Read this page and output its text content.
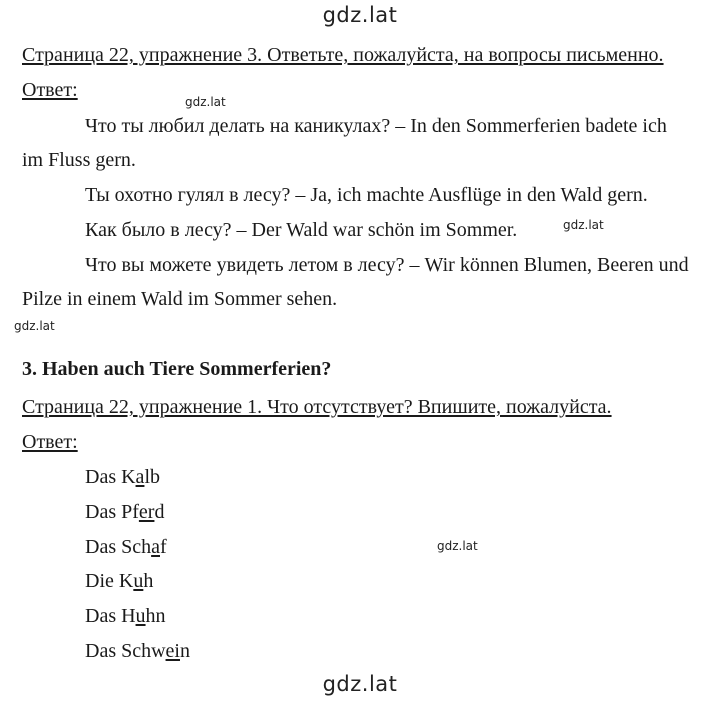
gdz.lat
Страница 22, упражнение 3. Ответьте, пожалуйста, на вопросы письменно.
Ответ:
gdz.lat
Что ты любил делать на каникулах? – In den Sommerferien badete ich
im Fluss gern.
Ты охотно гулял в лесу? – Ja, ich machte Ausflüge in den Wald gern.
Как было в лесу? – Der Wald war schön im Sommer.	gdz.lat
Что вы можете увидеть летом в лесу? – Wir können Blumen, Beeren und
Pilze in einem Wald im Sommer sehen.
gdz.lat
3. Haben auch Tiere Sommerferien?
Страница 22, упражнение 1. Что отсутствует? Впишите, пожалуйста.
Ответ:
Das Kalb
Das Pferd
Das Schaf	gdz.lat
Die Kuh
Das Huhn
Das Schwein
gdz.lat
